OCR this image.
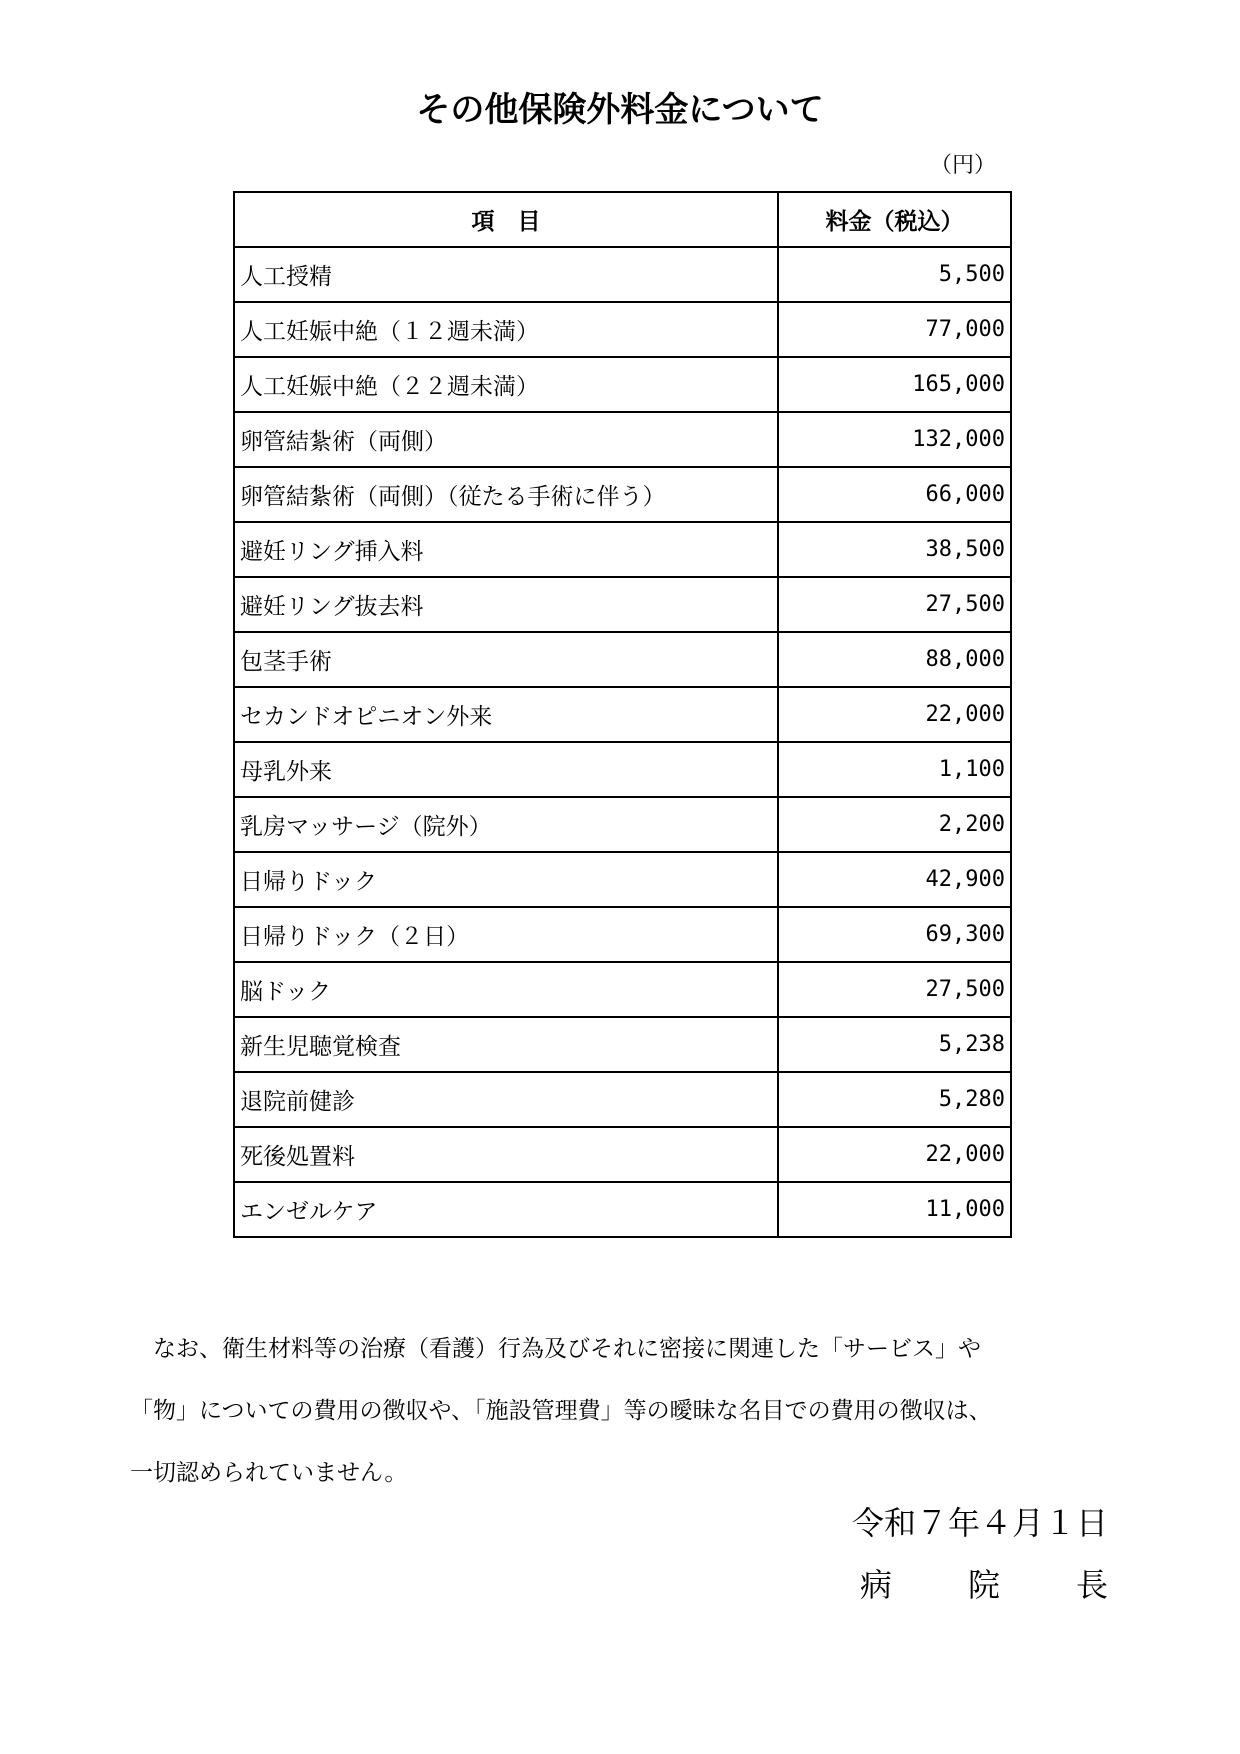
その他保険外料金について
（円）
項　目	料金（税込）
人工授精	5,500
人工妊娠中絶（１２週未満）	77,000
人工妊娠中絶（２２週未満）	165,000
卵管結紮術（両側）	132,000
卵管結紮術（両側）（従たる手術に伴う）	66,000
避妊リング挿入料	38,500
避妊リング抜去料	27,500
包茎手術	88,000
セカンドオピニオン外来	22,000
母乳外来	1,100
乳房マッサージ（院外）	2,200
日帰りドック	42,900
日帰りドック（２日）	69,300
脳ドック	27,500
新生児聴覚検査	5,238
退院前健診	5,280
死後処置料	22,000
エンゼルケア	11,000

　なお、衛生材料等の治療（看護）行為及びそれに密接に関連した「サービス」や

「物」についての費用の徴収や、「施設管理費」等の曖昧な名目での費用の徴収は、

一切認められていません。

令和７年４月１日
病 院 長
